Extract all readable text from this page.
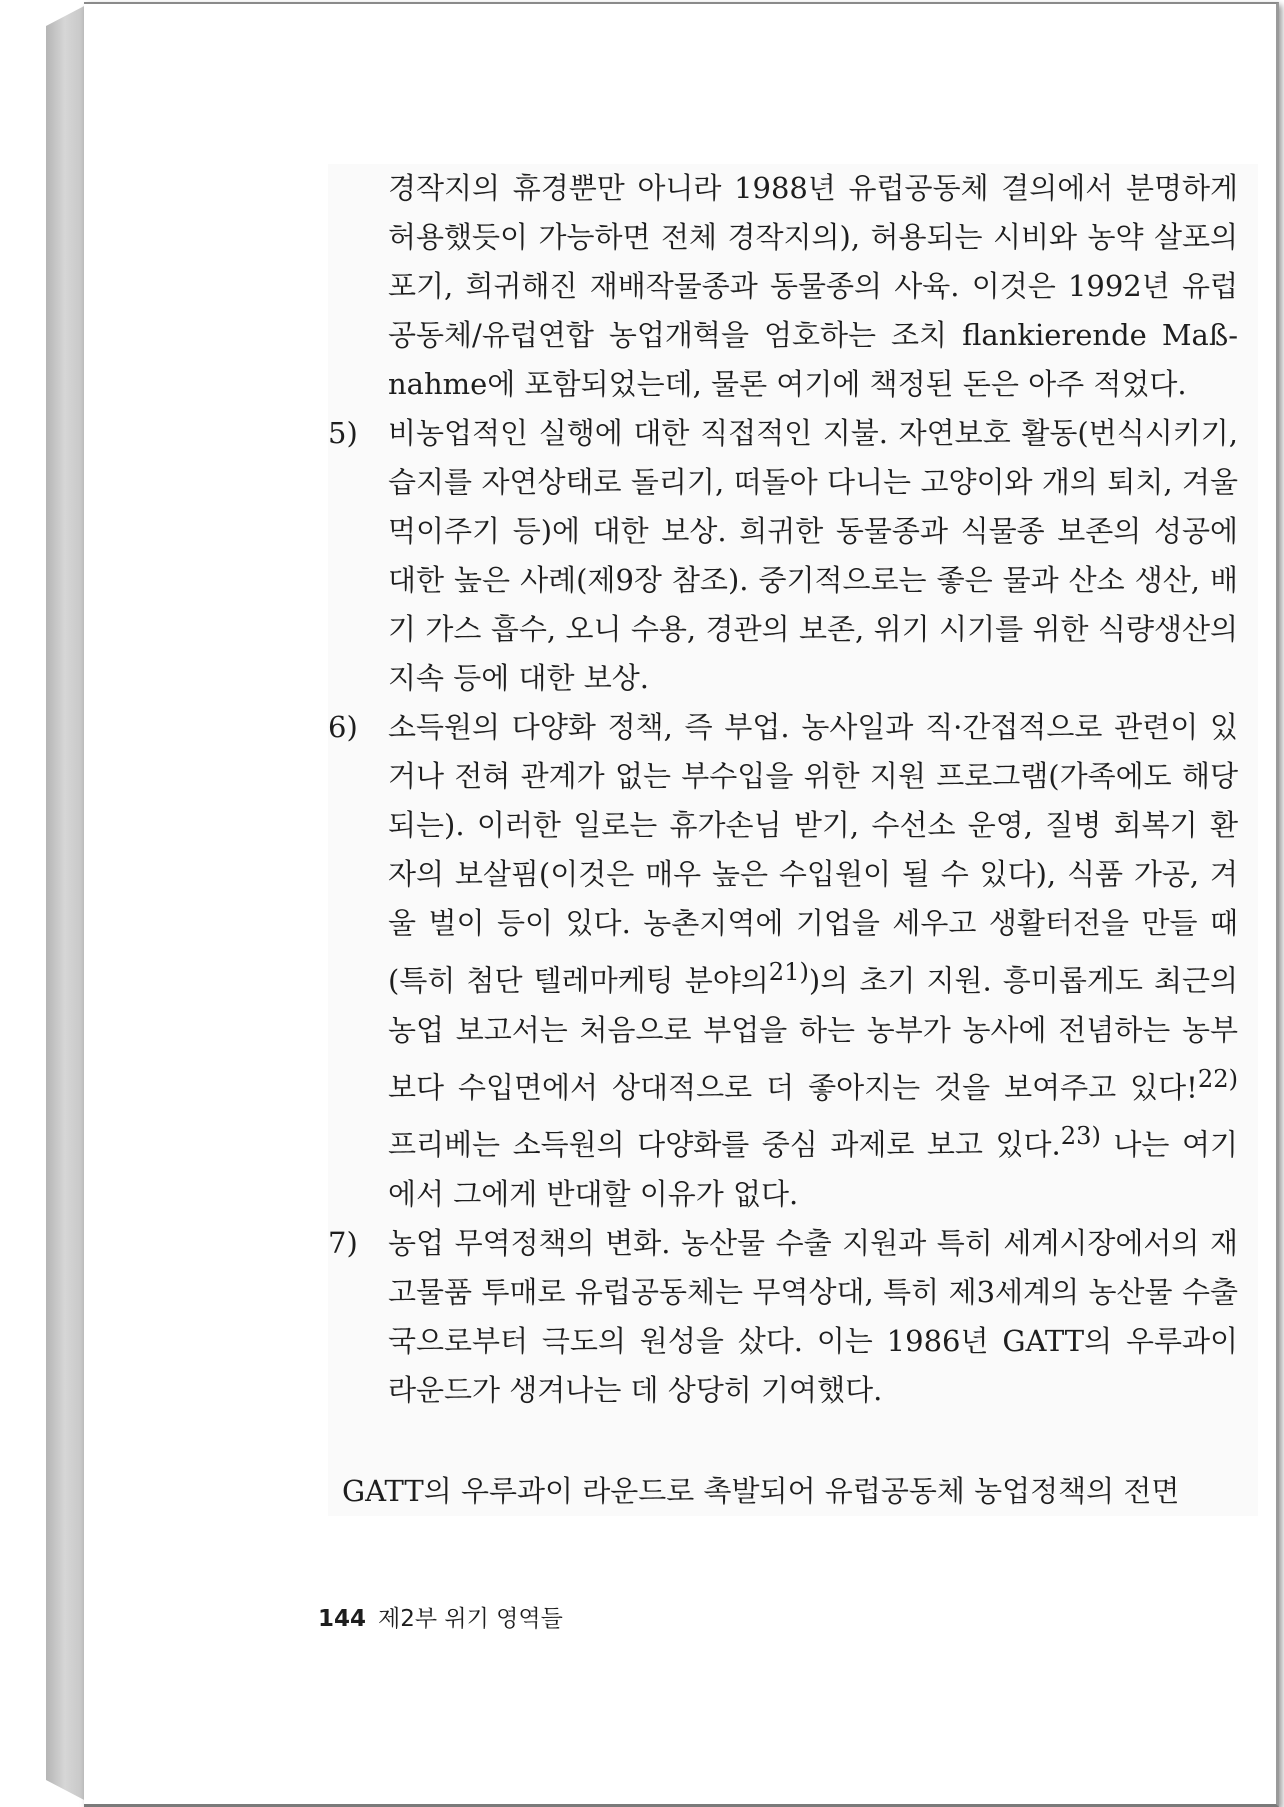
경작지의 휴경뿐만 아니라 1988년 유럽공동체 결의에서 분명하게 허용했듯이 가능하면 전체 경작지의), 허용되는 시비와 농약 살포의 포기, 희귀해진 재배작물종과 동물종의 사육. 이것은 1992년 유럽공동체/유럽연합 농업개혁을 엄호하는 조치 flankierende Maß-nahme에 포함되었는데, 물론 여기에 책정된 돈은 아주 적었다.

5) 비농업적인 실행에 대한 직접적인 지불. 자연보호 활동(번식시키기, 습지를 자연상태로 돌리기, 떠돌아 다니는 고양이와 개의 퇴치, 겨울 먹이주기 등)에 대한 보상. 희귀한 동물종과 식물종 보존의 성공에 대한 높은 사례(제9장 참조). 중기적으로는 좋은 물과 산소 생산, 배기 가스 흡수, 오니 수용, 경관의 보존, 위기 시기를 위한 식량생산의 지속 등에 대한 보상.

6) 소득원의 다양화 정책, 즉 부업. 농사일과 직·간접적으로 관련이 있거나 전혀 관계가 없는 부수입을 위한 지원 프로그램(가족에도 해당되는). 이러한 일로는 휴가손님 받기, 수선소 운영, 질병 회복기 환자의 보살핌(이것은 매우 높은 수입원이 될 수 있다), 식품 가공, 겨울 벌이 등이 있다. 농촌지역에 기업을 세우고 생활터전을 만들 때(특히 첨단 텔레마케팅 분야의$^{21)}$)의 초기 지원. 흥미롭게도 최근의 농업 보고서는 처음으로 부업을 하는 농부가 농사에 전념하는 농부보다 수입면에서 상대적으로 더 좋아지는 것을 보여주고 있다!$^{22)}$ 프리베는 소득원의 다양화를 중심 과제로 보고 있다.$^{23)}$ 나는 여기에서 그에게 반대할 이유가 없다.

7) 농업 무역정책의 변화. 농산물 수출 지원과 특히 세계시장에서의 재고물품 투매로 유럽공동체는 무역상대, 특히 제3세계의 농산물 수출국으로부터 극도의 원성을 샀다. 이는 1986년 GATT의 우루과이 라운드가 생겨나는 데 상당히 기여했다.

GATT의 우루과이 라운드로 촉발되어 유럽공동체 농업정책의 전면

144 제2부 위기 영역들
